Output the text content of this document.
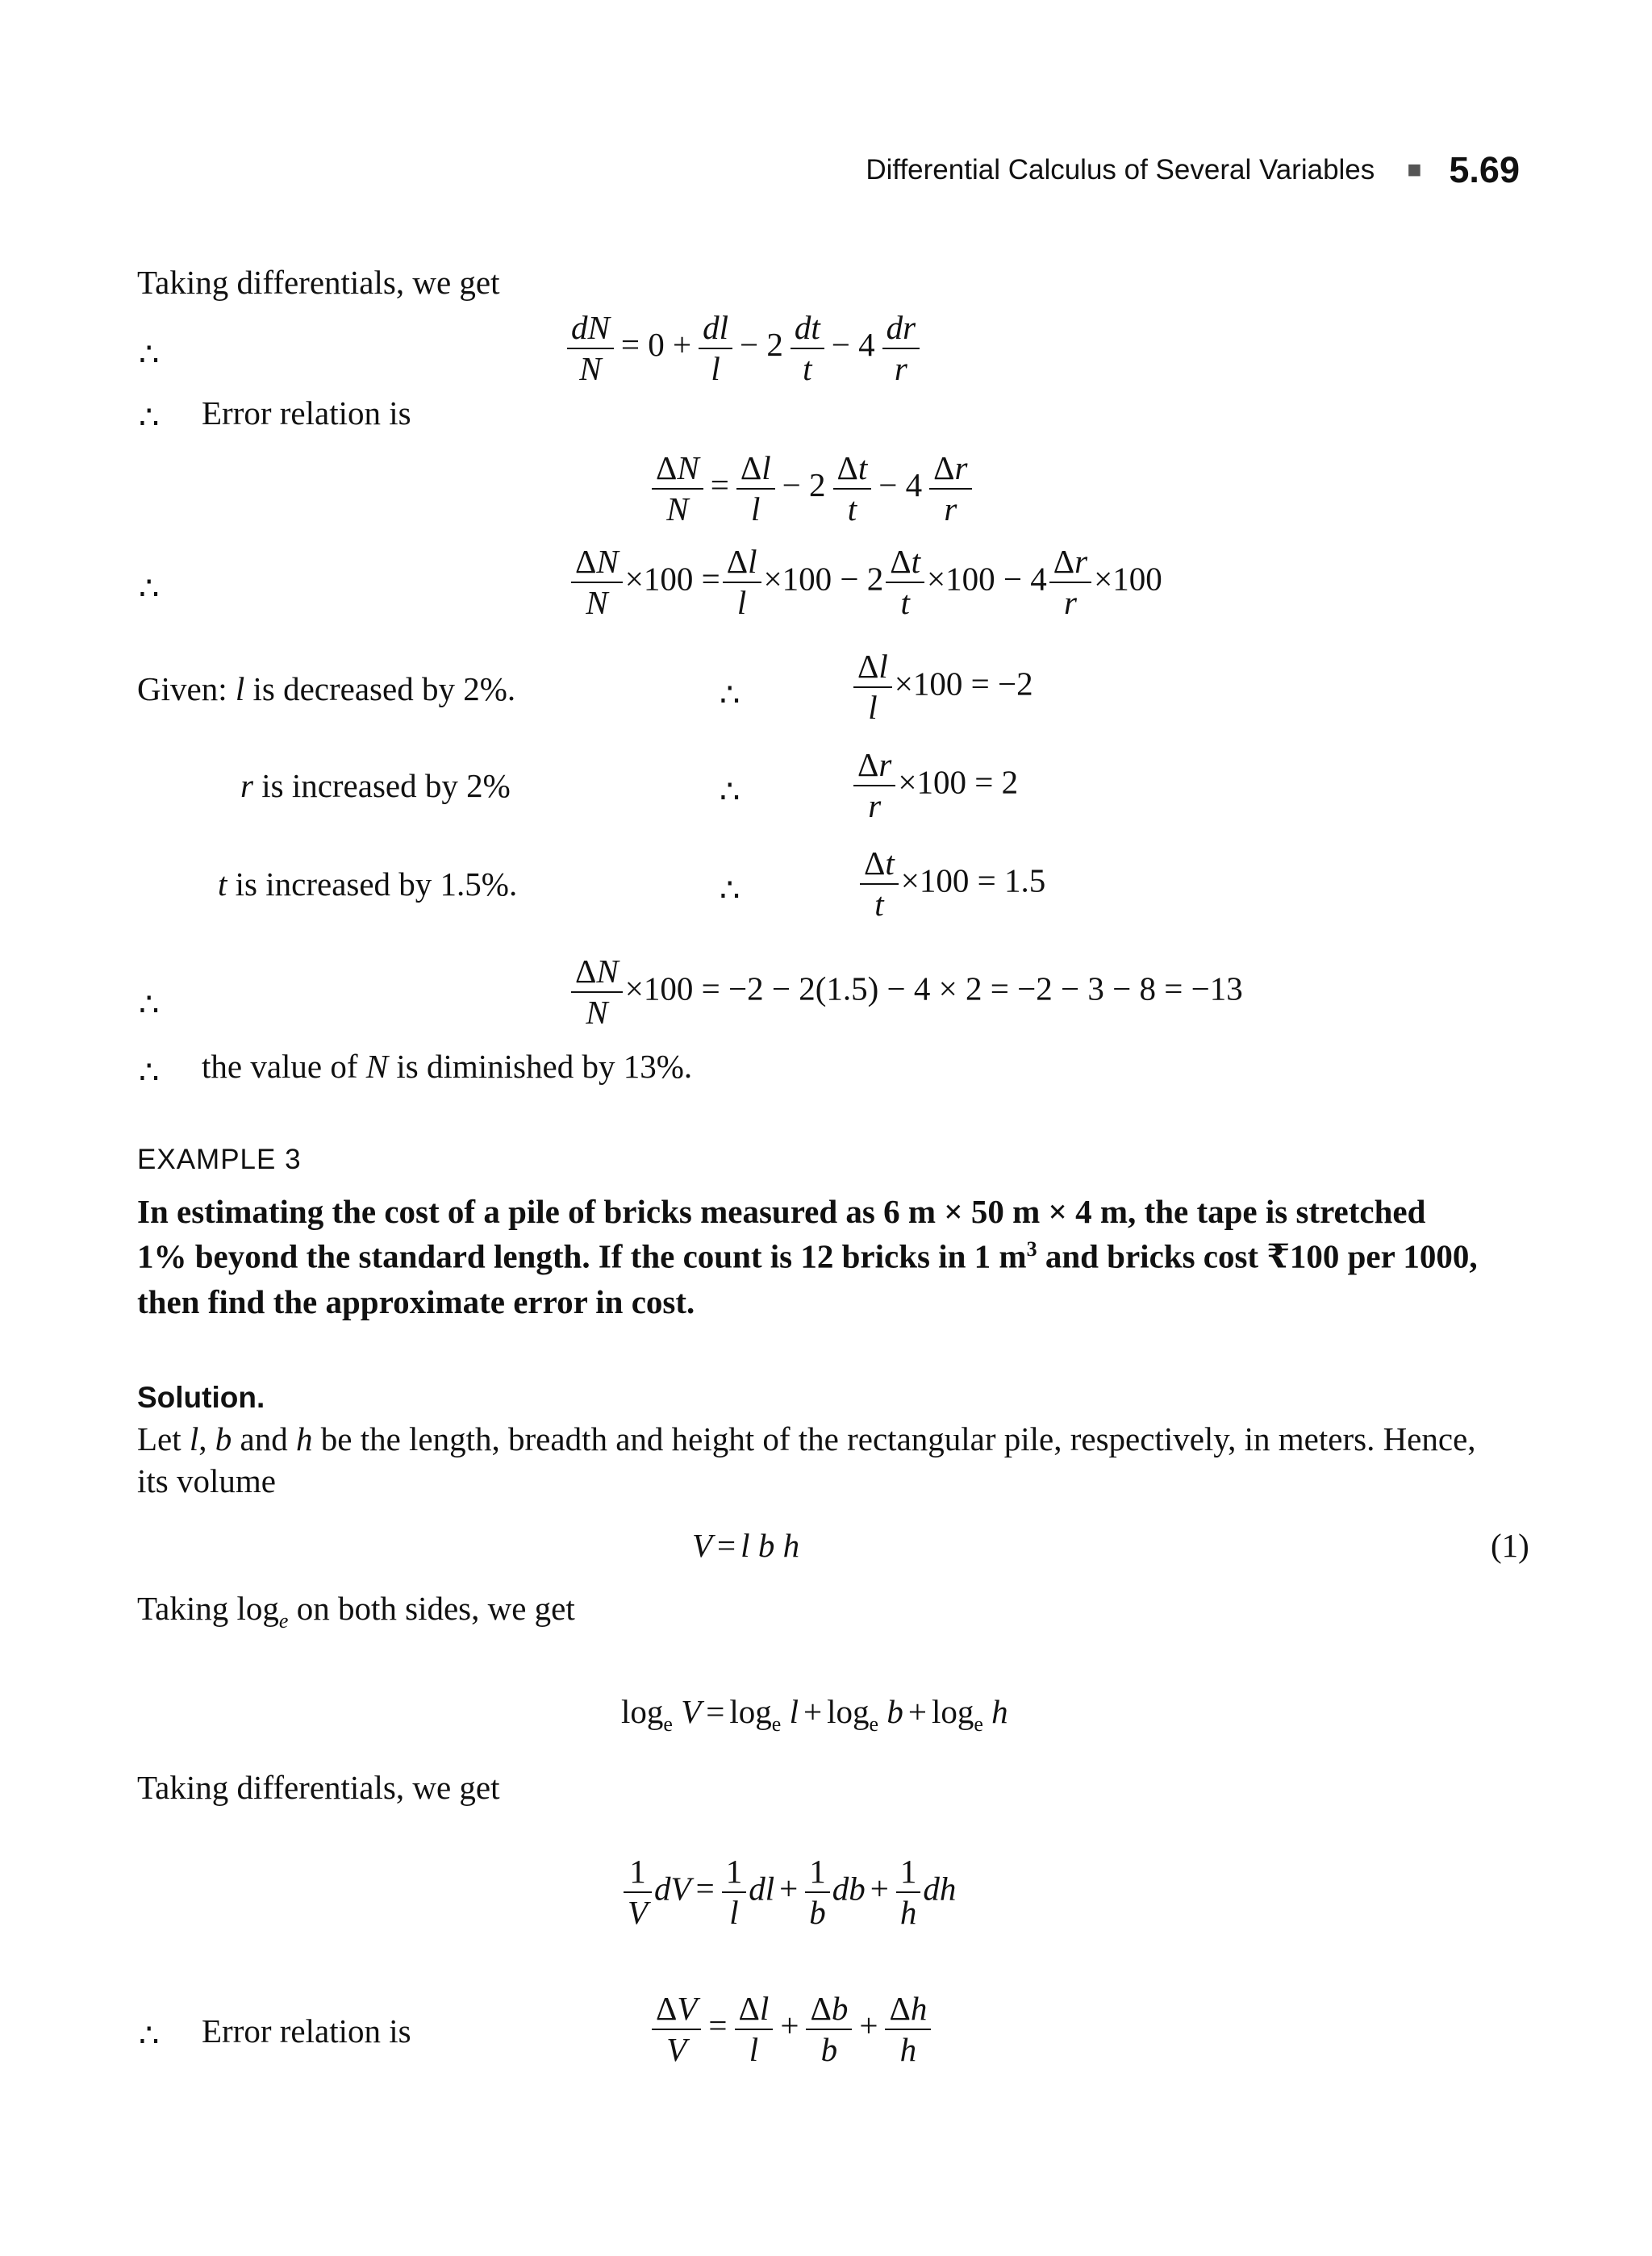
Differential Calculus of Several Variables ■ 5.69
Taking differentials, we get
∴	$\frac{dN}{N} = 0 + \frac{dl}{l} - 2 \frac{dt}{t} - 4 \frac{dr}{r}$
∴ Error relation is
$\frac{\Delta N}{N} = \frac{\Delta l}{l} - 2 \frac{\Delta t}{t} - 4 \frac{\Delta r}{r}$
∴	$\frac{\Delta N}{N} \times 100 = \frac{\Delta l}{l} \times 100 - 2 \frac{\Delta t}{t} \times 100 - 4 \frac{\Delta r}{r} \times 100$
Given: l is decreased by 2%.	∴	$\frac{\Delta l}{l} \times 100 = -2$
r is increased by 2%	∴	$\frac{\Delta r}{r} \times 100 = 2$
t is increased by 1.5%.	∴	$\frac{\Delta t}{t} \times 100 = 1.5$
∴	$\frac{\Delta N}{N} \times 100 = -2 - 2(1.5) - 4 \times 2 = -2 - 3 - 8 = -13$
∴ the value of N is diminished by 13%.
EXAMPLE 3
In estimating the cost of a pile of bricks measured as 6 m × 50 m × 4 m, the tape is stretched
1% beyond the standard length. If the count is 12 bricks in 1 $m^3$ and bricks cost ₹100 per 1000,
then find the approximate error in cost.
Solution.
Let l, b and h be the length, breadth and height of the rectangular pile, respectively, in meters. Hence,
its volume
V = l b h	(1)
Taking $\log_e$ on both sides, we get
$\log_e V = \log_e l + \log_e b + \log_e h$
Taking differentials, we get
$\frac{1}{V}$ dV = $\frac{1}{l}$ dl + $\frac{1}{b}$ db + $\frac{1}{h}$ dh
∴ Error relation is	$\frac{\Delta V}{V} = \frac{\Delta l}{l} + \frac{\Delta b}{b} + \frac{\Delta h}{h}$
